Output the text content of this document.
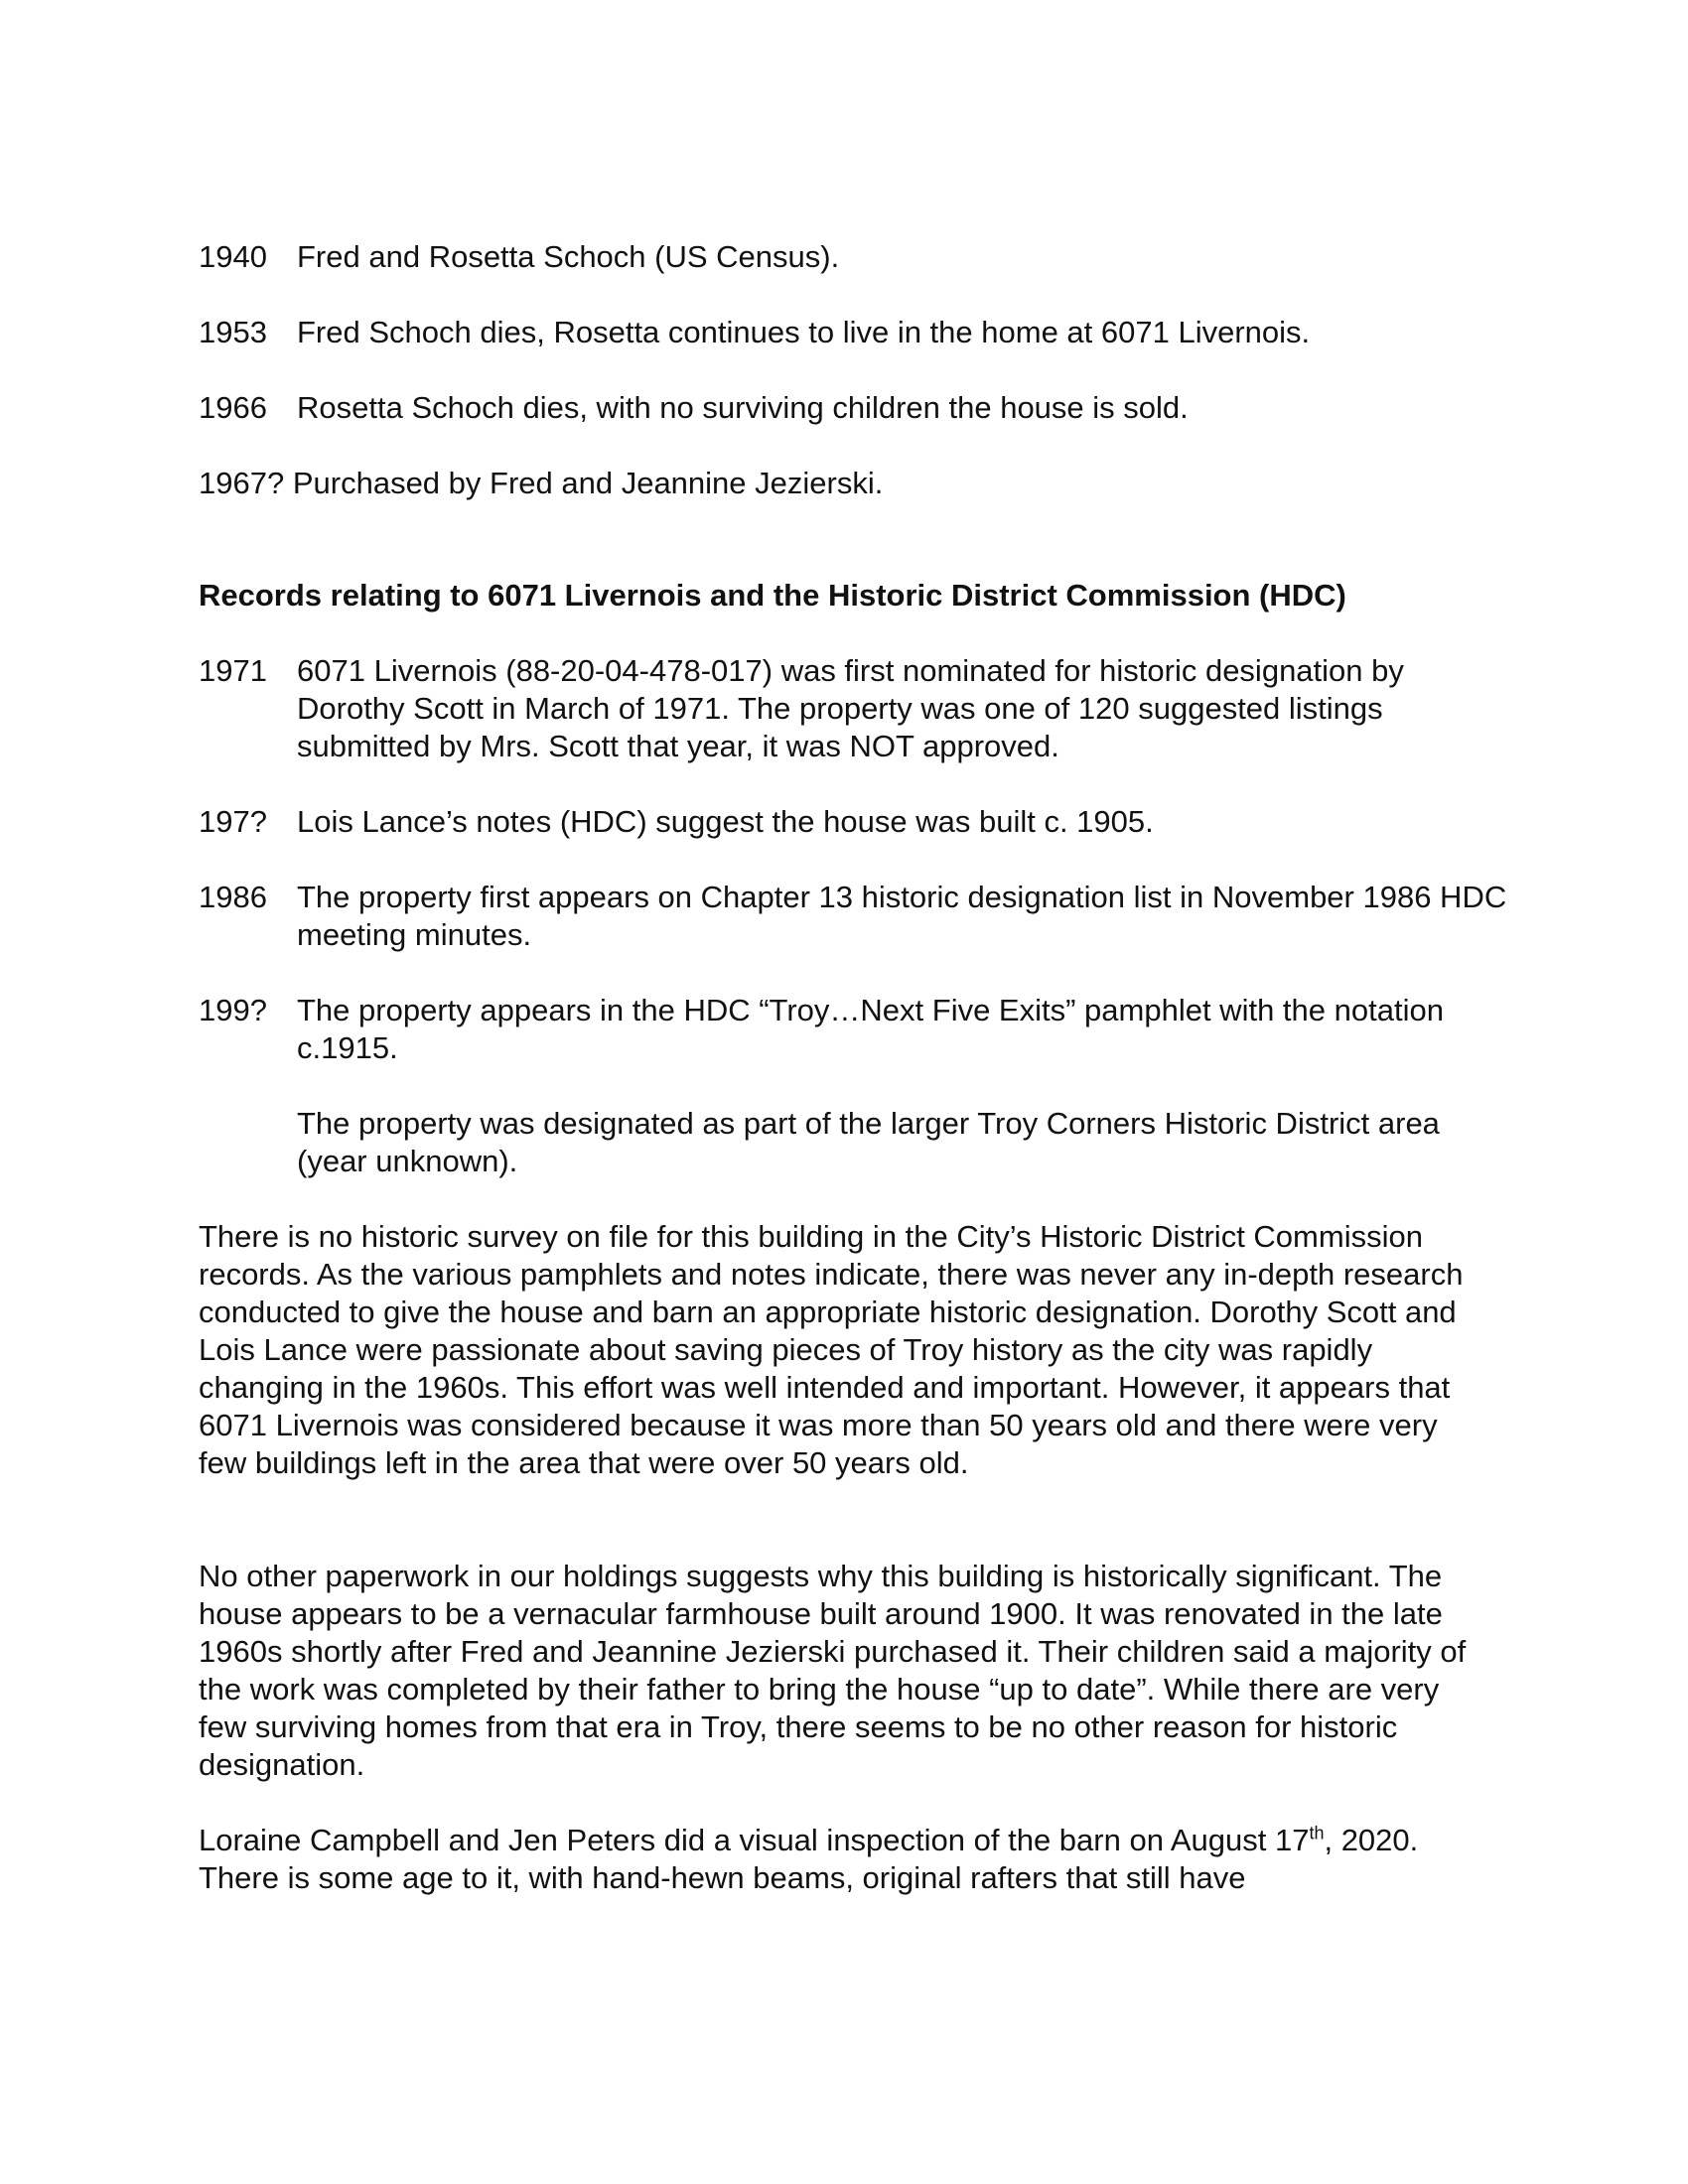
1940 Fred and Rosetta Schoch (US Census).
1953 Fred Schoch dies, Rosetta continues to live in the home at 6071 Livernois.
1966 Rosetta Schoch dies, with no surviving children the house is sold.
1967? Purchased by Fred and Jeannine Jezierski.
Records relating to 6071 Livernois and the Historic District Commission (HDC)
1971 6071 Livernois (88-20-04-478-017) was first nominated for historic designation by Dorothy Scott in March of 1971. The property was one of 120 suggested listings submitted by Mrs. Scott that year, it was NOT approved.
197? Lois Lance’s notes (HDC) suggest the house was built c. 1905.
1986 The property first appears on Chapter 13 historic designation list in November 1986 HDC meeting minutes.
199? The property appears in the HDC “Troy…Next Five Exits” pamphlet with the notation c.1915.
The property was designated as part of the larger Troy Corners Historic District area (year unknown).
There is no historic survey on file for this building in the City’s Historic District Commission records. As the various pamphlets and notes indicate, there was never any in-depth research conducted to give the house and barn an appropriate historic designation. Dorothy Scott and Lois Lance were passionate about saving pieces of Troy history as the city was rapidly changing in the 1960s. This effort was well intended and important. However, it appears that 6071 Livernois was considered because it was more than 50 years old and there were very few buildings left in the area that were over 50 years old.
No other paperwork in our holdings suggests why this building is historically significant. The house appears to be a vernacular farmhouse built around 1900. It was renovated in the late 1960s shortly after Fred and Jeannine Jezierski purchased it. Their children said a majority of the work was completed by their father to bring the house “up to date”. While there are very few surviving homes from that era in Troy, there seems to be no other reason for historic designation.
Loraine Campbell and Jen Peters did a visual inspection of the barn on August 17th, 2020. There is some age to it, with hand-hewn beams, original rafters that still have
